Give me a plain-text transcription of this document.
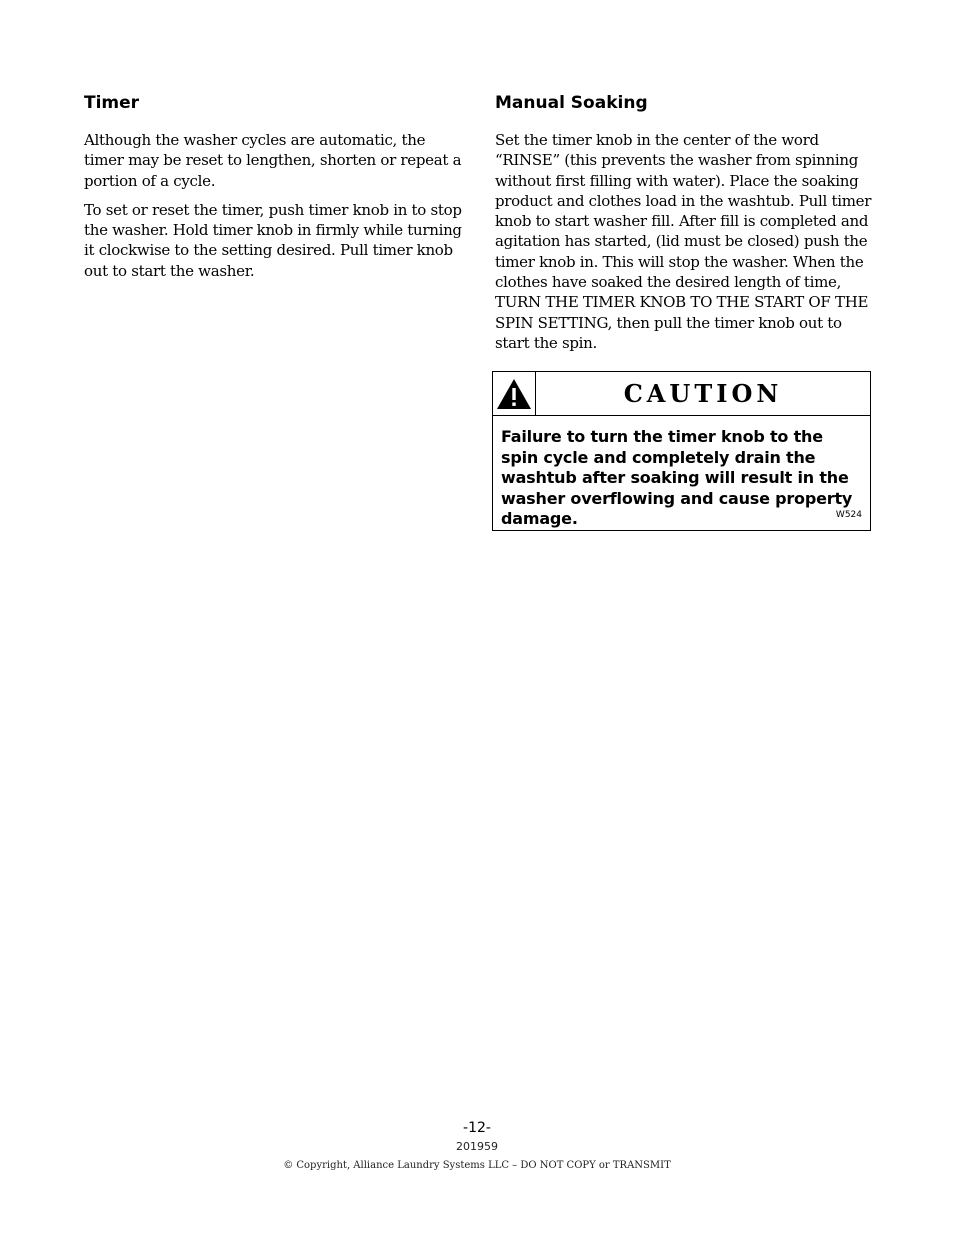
Timer

Although the washer cycles are automatic, the timer may be reset to lengthen, shorten or repeat a portion of a cycle.

To set or reset the timer, push timer knob in to stop the washer. Hold timer knob in firmly while turning it clockwise to the setting desired. Pull timer knob out to start the washer.

Manual Soaking

Set the timer knob in the center of the word “RINSE” (this prevents the washer from spinning without first filling with water). Place the soaking product and clothes load in the washtub. Pull timer knob to start washer fill. After fill is completed and agitation has started, (lid must be closed) push the timer knob in. This will stop the washer. When the clothes have soaked the desired length of time, TURN THE TIMER KNOB TO THE START OF THE SPIN SETTING, then pull the timer knob out to start the spin.

CAUTION
Failure to turn the timer knob to the spin cycle and completely drain the washtub after soaking will result in the washer overflowing and cause property damage.	W524
-12-
201959
© Copyright, Alliance Laundry Systems LLC – DO NOT COPY or TRANSMIT
